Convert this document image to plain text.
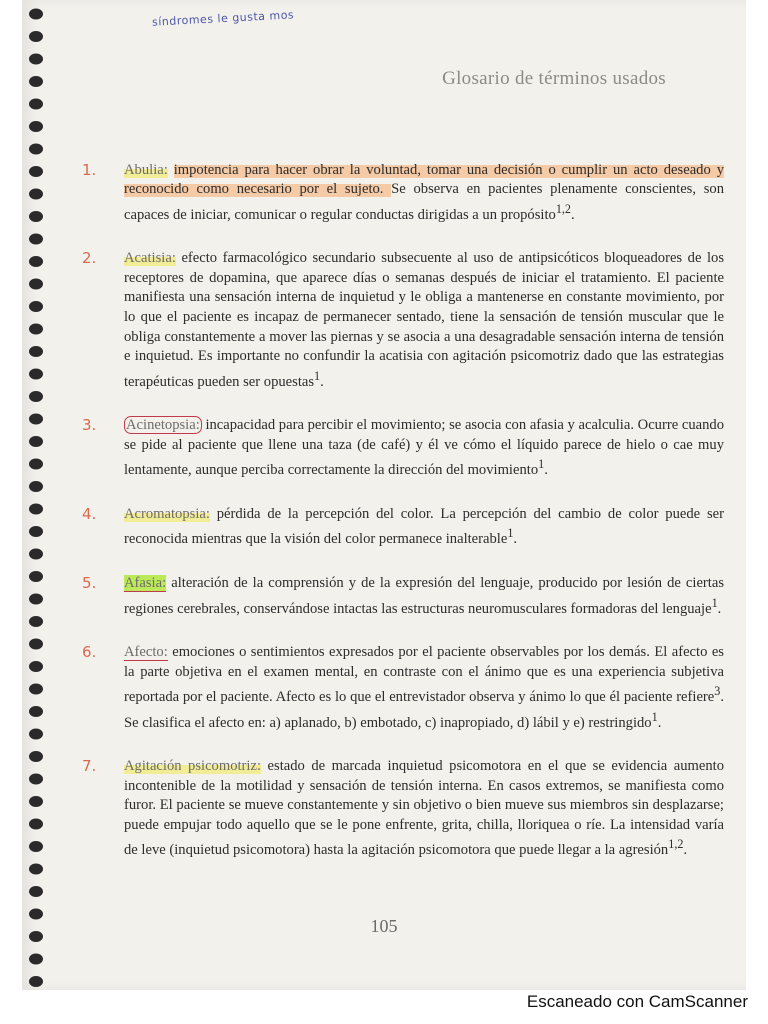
síndromes le gusta mos
Glosario de términos usados

1. Abulia: impotencia para hacer obrar la voluntad, tomar una decisión o cumplir un acto deseado y reconocido como necesario por el sujeto. Se observa en pacientes plenamente conscientes, son capaces de iniciar, comunicar o regular conductas dirigidas a un propósito$^{1,2}$.

2. Acatisia: efecto farmacológico secundario subsecuente al uso de antipsicóticos bloqueadores de los receptores de dopamina, que aparece días o semanas después de iniciar el tratamiento. El paciente manifiesta una sensación interna de inquietud y le obliga a mantenerse en constante movimiento, por lo que el paciente es incapaz de permanecer sentado, tiene la sensación de tensión muscular que le obliga constantemente a mover las piernas y se asocia a una desagradable sensación interna de tensión e inquietud. Es importante no confundir la acatisia con agitación psicomotriz dado que las estrategias terapéuticas pueden ser opuestas$^1$.

3. Acinetopsia: incapacidad para percibir el movimiento; se asocia con afasia y acalculia. Ocurre cuando se pide al paciente que llene una taza (de café) y él ve cómo el líquido parece de hielo o cae muy lentamente, aunque perciba correctamente la dirección del movimiento$^1$.

4. Acromatopsia: pérdida de la percepción del color. La percepción del cambio de color puede ser reconocida mientras que la visión del color permanece inalterable$^1$.

5. Afasia: alteración de la comprensión y de la expresión del lenguaje, producido por lesión de ciertas regiones cerebrales, conservándose intactas las estructuras neuromusculares formadoras del lenguaje$^1$.

6. Afecto: emociones o sentimientos expresados por el paciente observables por los demás. El afecto es la parte objetiva en el examen mental, en contraste con el ánimo que es una experiencia subjetiva reportada por el paciente. Afecto es lo que el entrevistador observa y ánimo lo que él paciente refiere$^3$. Se clasifica el afecto en: a) aplanado, b) embotado, c) inapropiado, d) lábil y e) restringido$^1$.

7. Agitación psicomotriz: estado de marcada inquietud psicomotora en el que se evidencia aumento incontenible de la motilidad y sensación de tensión interna. En casos extremos, se manifiesta como furor. El paciente se mueve constantemente y sin objetivo o bien mueve sus miembros sin desplazarse; puede empujar todo aquello que se le pone enfrente, grita, chilla, lloriquea o ríe. La intensidad varía de leve (inquietud psicomotora) hasta la agitación psicomotora que puede llegar a la agresión$^{1,2}$.

105
Escaneado con CamScanner
